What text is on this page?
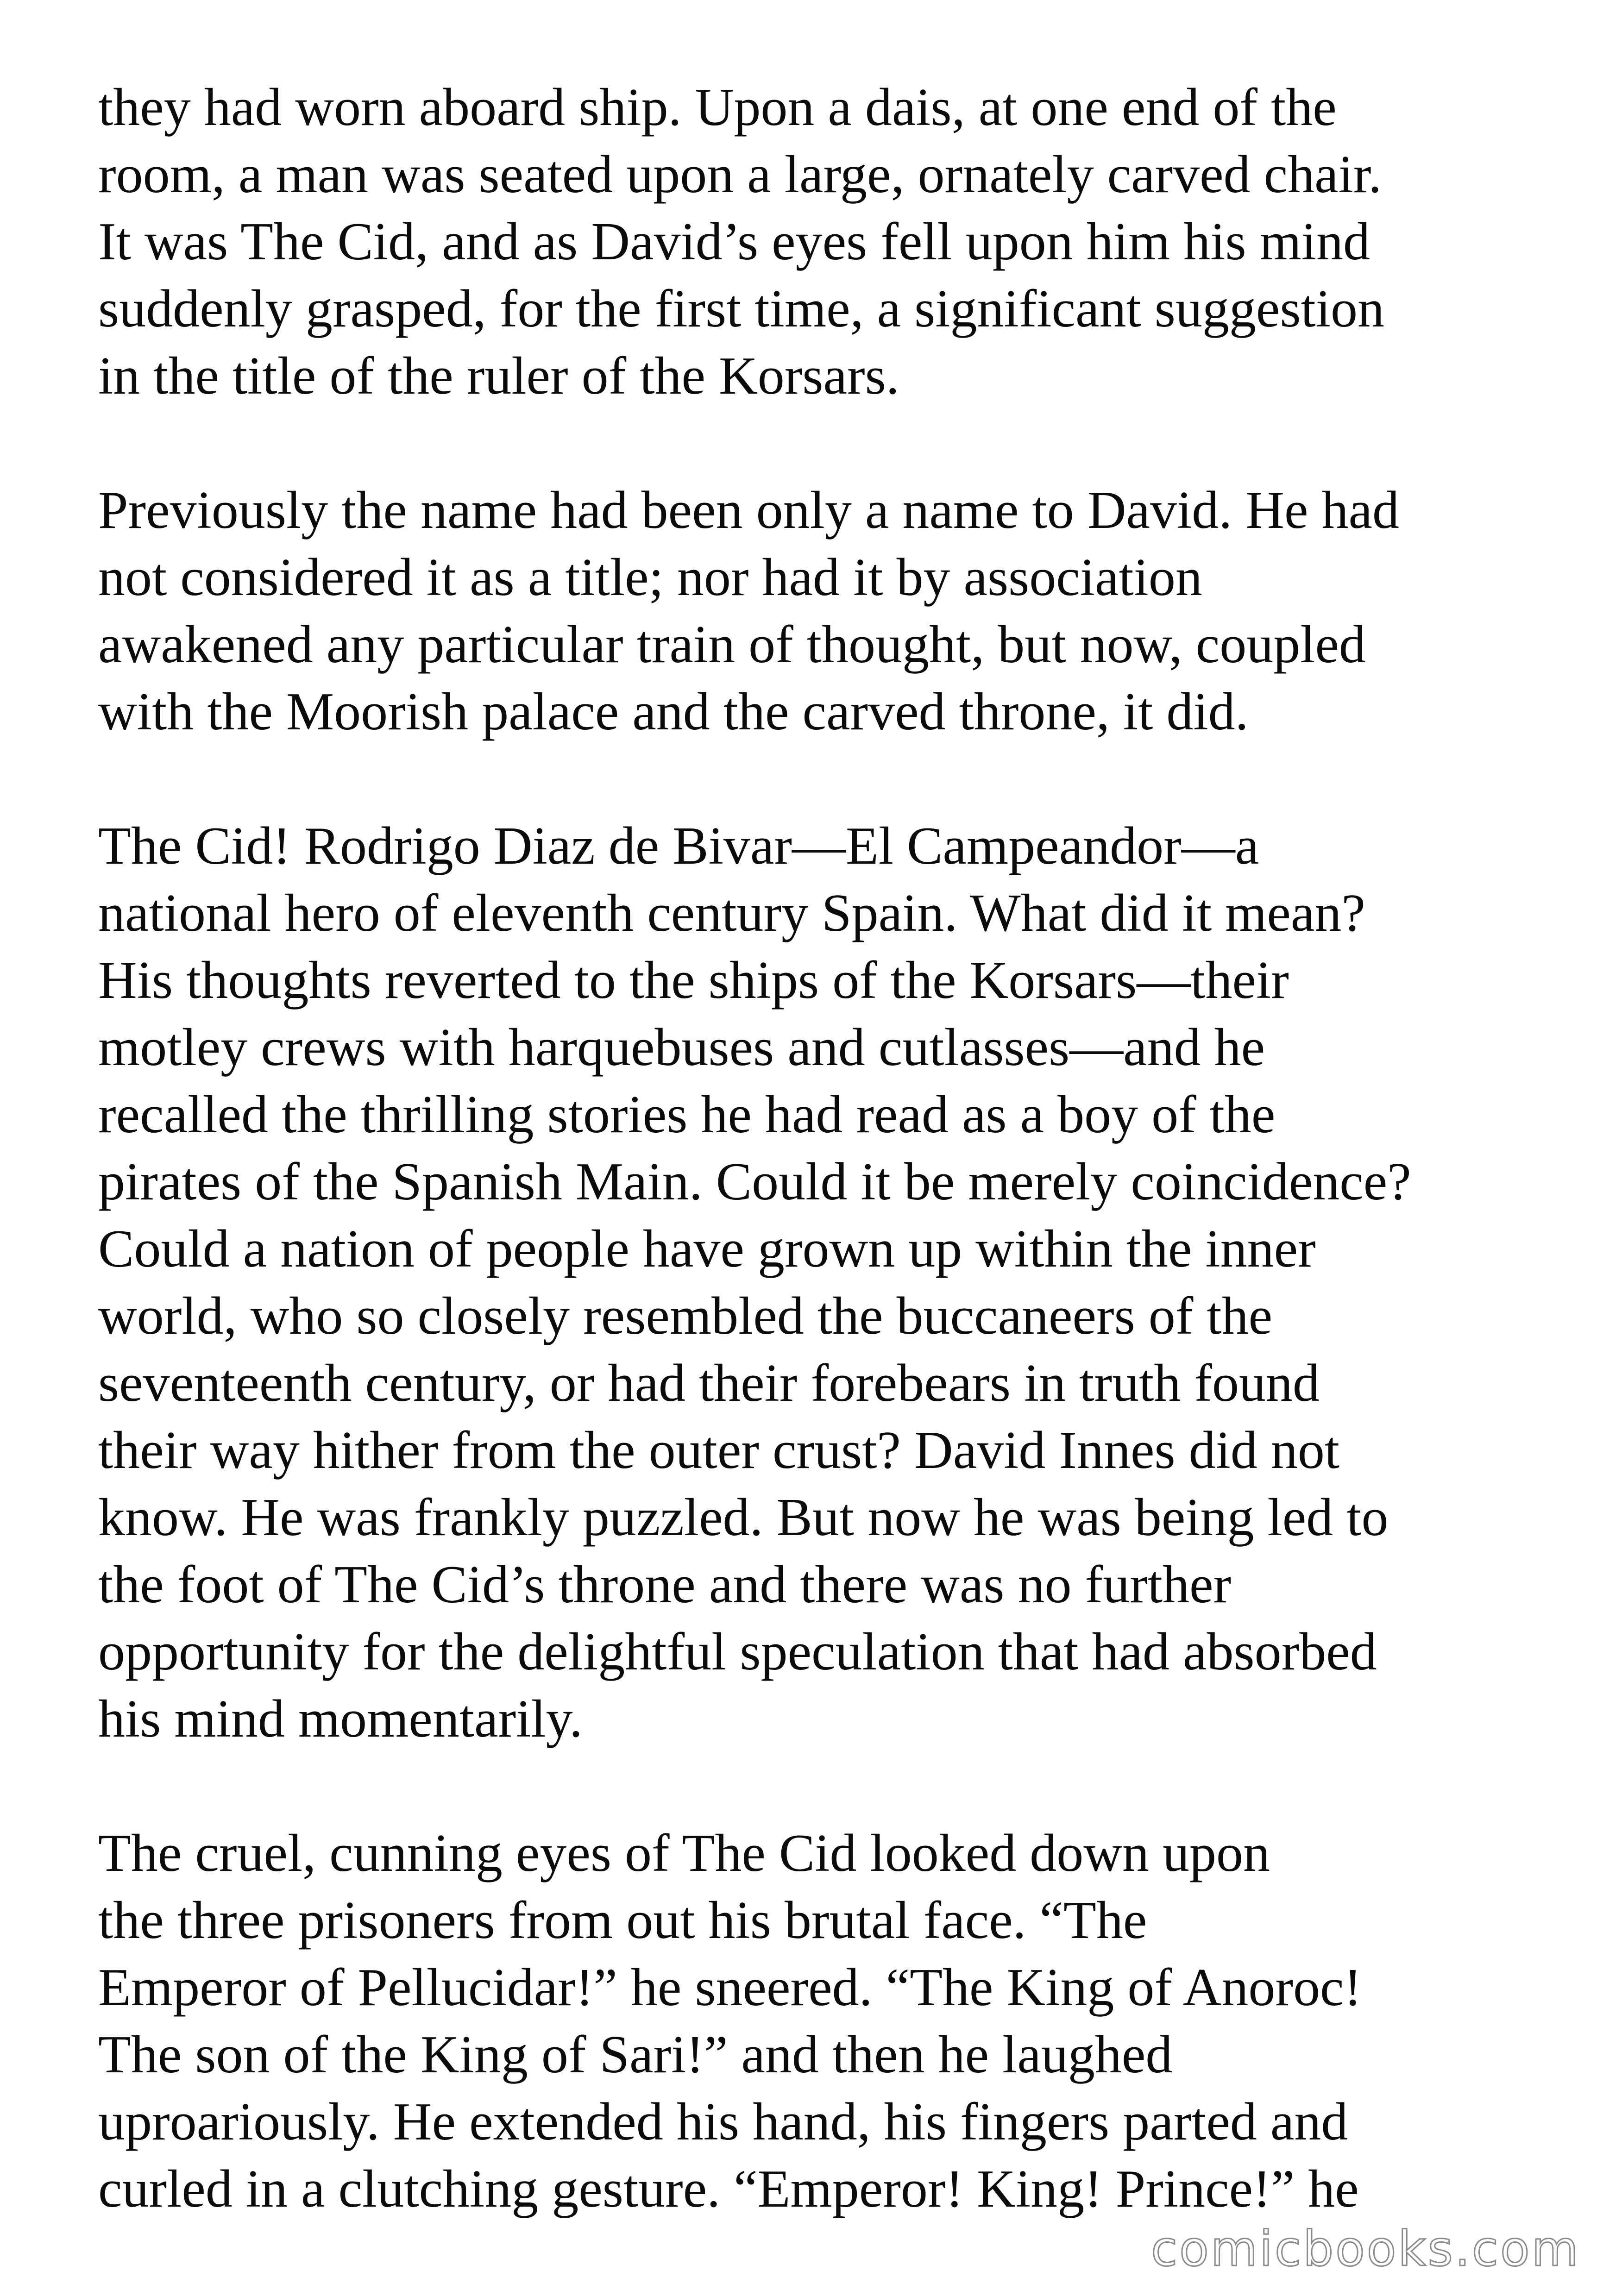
they had worn aboard ship. Upon a dais, at one end of the
room, a man was seated upon a large, ornately carved chair.
It was The Cid, and as David’s eyes fell upon him his mind
suddenly grasped, for the first time, a significant suggestion
in the title of the ruler of the Korsars.
Previously the name had been only a name to David. He had
not considered it as a title; nor had it by association
awakened any particular train of thought, but now, coupled
with the Moorish palace and the carved throne, it did.
The Cid! Rodrigo Diaz de Bivar—El Campeandor—a
national hero of eleventh century Spain. What did it mean?
His thoughts reverted to the ships of the Korsars—their
motley crews with harquebuses and cutlasses—and he
recalled the thrilling stories he had read as a boy of the
pirates of the Spanish Main. Could it be merely coincidence?
Could a nation of people have grown up within the inner
world, who so closely resembled the buccaneers of the
seventeenth century, or had their forebears in truth found
their way hither from the outer crust? David Innes did not
know. He was frankly puzzled. But now he was being led to
the foot of The Cid’s throne and there was no further
opportunity for the delightful speculation that had absorbed
his mind momentarily.
The cruel, cunning eyes of The Cid looked down upon
the three prisoners from out his brutal face. “The
Emperor of Pellucidar!” he sneered. “The King of Anoroc!
The son of the King of Sari!” and then he laughed
uproariously. He extended his hand, his fingers parted and
curled in a clutching gesture. “Emperor! King! Prince!” he
comicbooks.com
